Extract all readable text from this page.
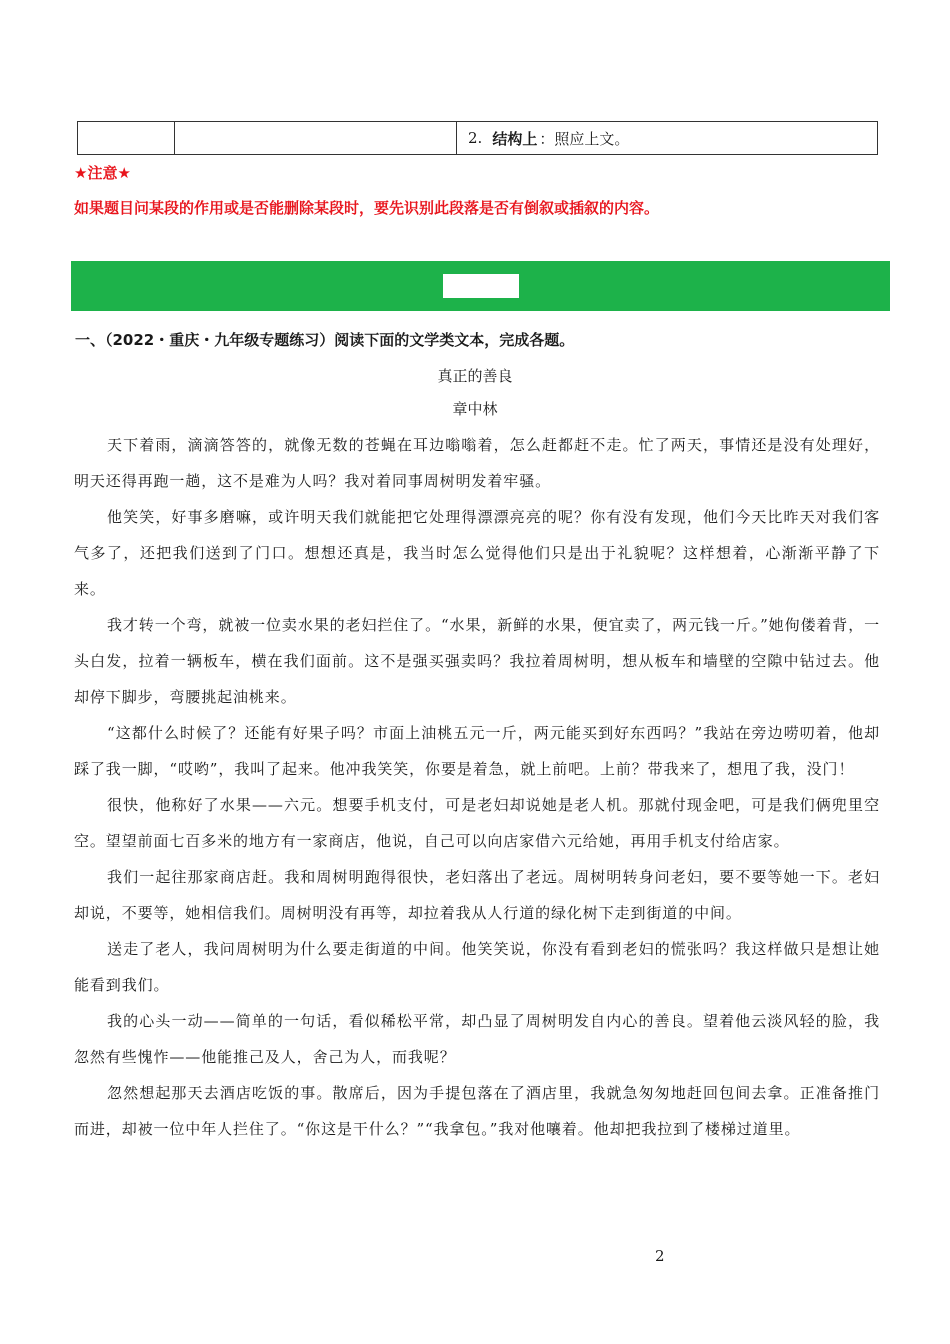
2. 结构上 ：照应上文。
★注意★
如果题目问某段的作用或是否能删除某段时，要先识别此段落是否有倒叙或插叙的内容。
一、（2022・重庆・九年级专题练习）阅读下面的文学类文本，完成各题。
真正的善良
章中林

天下着雨，滴滴答答的，就像无数的苍蝇在耳边嗡嗡着，怎么赶都赶不走。忙了两天，事情还是没有处理好，明天还得再跑一趟，这不是难为人吗？我对着同事周树明发着牢骚。

他笑笑，好事多磨嘛，或许明天我们就能把它处理得漂漂亮亮的呢？你有没有发现，他们今天比昨天对我们客气多了，还把我们送到了门口。想想还真是，我当时怎么觉得他们只是出于礼貌呢？这样想着，心渐渐平静了下来。

我才转一个弯，就被一位卖水果的老妇拦住了。“水果，新鲜的水果，便宜卖了，两元钱一斤。”她佝偻着背，一头白发，拉着一辆板车，横在我们面前。这不是强买强卖吗？我拉着周树明，想从板车和墙壁的空隙中钻过去。他却停下脚步，弯腰挑起油桃来。

“这都什么时候了？还能有好果子吗？市面上油桃五元一斤，两元能买到好东西吗？”我站在旁边唠叨着，他却踩了我一脚，“哎哟”，我叫了起来。他冲我笑笑，你要是着急，就上前吧。上前？带我来了，想甩了我，没门！

很快，他称好了水果——六元。想要手机支付，可是老妇却说她是老人机。那就付现金吧，可是我们俩兜里空空。望望前面七百多米的地方有一家商店，他说，自己可以向店家借六元给她，再用手机支付给店家。

我们一起往那家商店赶。我和周树明跑得很快，老妇落出了老远。周树明转身问老妇，要不要等她一下。老妇却说，不要等，她相信我们。周树明没有再等，却拉着我从人行道的绿化树下走到街道的中间。

送走了老人，我问周树明为什么要走街道的中间。他笑笑说，你没有看到老妇的慌张吗？我这样做只是想让她能看到我们。

我的心头一动——简单的一句话，看似稀松平常，却凸显了周树明发自内心的善良。望着他云淡风轻的脸，我忽然有些愧怍——他能推己及人，舍己为人，而我呢？

忽然想起那天去酒店吃饭的事。散席后，因为手提包落在了酒店里，我就急匆匆地赶回包间去拿。正准备推门而进，却被一位中年人拦住了。“你这是干什么？”“我拿包。”我对他嚷着。他却把我拉到了楼梯过道里。

2
